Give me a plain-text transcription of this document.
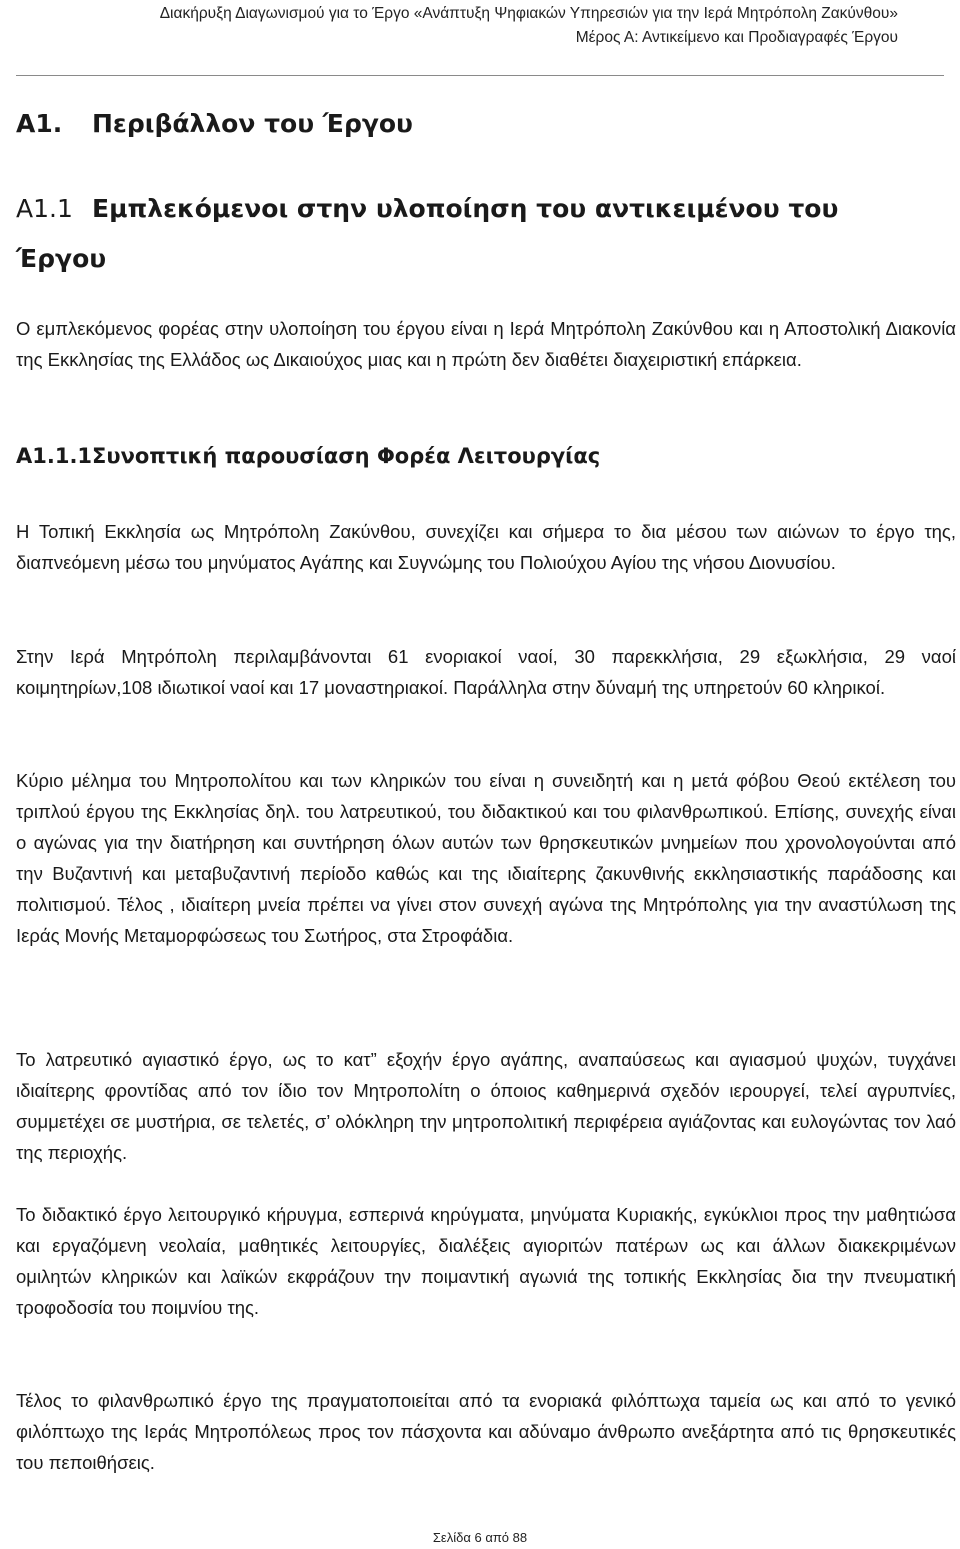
Διακήρυξη Διαγωνισμού για το Έργο «Ανάπτυξη Ψηφιακών Υπηρεσιών για την Ιερά Μητρόπολη Ζακύνθου»
Μέρος Α: Αντικείμενο και Προδιαγραφές Έργου
Α1. Περιβάλλον του Έργου
Α1.1 Εμπλεκόμενοι στην υλοποίηση του αντικειμένου του Έργου

Ο εμπλεκόμενος φορέας στην υλοποίηση του έργου είναι η Ιερά Μητρόπολη Ζακύνθου και η Αποστολική Διακονία της Εκκλησίας της Ελλάδος ως Δικαιούχος μιας και η πρώτη δεν διαθέτει διαχειριστική επάρκεια.

Α1.1.1Συνοπτική παρουσίαση Φορέα Λειτουργίας

Η Τοπική Εκκλησία ως Μητρόπολη Ζακύνθου, συνεχίζει και σήμερα το δια μέσου των αιώνων το έργο της, διαπνεόμενη μέσω του μηνύματος Αγάπης και Συγνώμης του Πολιούχου Αγίου της νήσου Διονυσίου.

Στην Ιερά Μητρόπολη περιλαμβάνονται 61 ενοριακοί ναοί, 30 παρεκκλήσια, 29 εξωκλήσια, 29 ναοί κοιμητηρίων,108 ιδιωτικοί ναοί και 17 μοναστηριακοί. Παράλληλα στην δύναμή της υπηρετούν 60 κληρικοί.

Κύριο μέλημα του Μητροπολίτου και των κληρικών του είναι η συνειδητή και η μετά φόβου Θεού εκτέλεση του τριπλού έργου της Εκκλησίας δηλ. του λατρευτικού, του διδακτικού και του φιλανθρωπικού. Επίσης, συνεχής είναι ο αγώνας για την διατήρηση και συντήρηση όλων αυτών των θρησκευτικών μνημείων που χρονολογούνται από την Βυζαντινή και μεταβυζαντινή περίοδο καθώς και της ιδιαίτερης ζακυνθινής εκκλησιαστικής παράδοσης και πολιτισμού. Τέλος , ιδιαίτερη μνεία πρέπει να γίνει στον συνεχή αγώνα της Μητρόπολης για την αναστύλωση της Ιεράς Μονής Μεταμορφώσεως του Σωτήρος, στα Στροφάδια.

Το λατρευτικό αγιαστικό έργο, ως το κατ” εξοχήν έργο αγάπης, αναπαύσεως και αγιασμού ψυχών, τυγχάνει ιδιαίτερης φροντίδας από τον ίδιο τον Μητροπολίτη ο όποιος καθημερινά σχεδόν ιερουργεί, τελεί αγρυπνίες, συμμετέχει σε μυστήρια, σε τελετές, σ’ ολόκληρη την μητροπολιτική περιφέρεια αγιάζοντας και ευλογώντας τον λαό της περιοχής.

Το διδακτικό έργο λειτουργικό κήρυγμα, εσπερινά κηρύγματα, μηνύματα Κυριακής, εγκύκλιοι προς την μαθητιώσα και εργαζόμενη νεολαία, μαθητικές λειτουργίες, διαλέξεις αγιοριτών πατέρων ως και άλλων διακεκριμένων ομιλητών κληρικών και λαϊκών εκφράζουν την ποιμαντική αγωνιά της τοπικής Εκκλησίας δια την πνευματική τροφοδοσία του ποιμνίου της.

Τέλος το φιλανθρωπικό έργο της πραγματοποιείται από τα ενοριακά φιλόπτωχα ταμεία ως και από το γενικό φιλόπτωχο της Ιεράς Μητροπόλεως προς τον πάσχοντα και αδύναμο άνθρωπο ανεξάρτητα από τις θρησκευτικές του πεποιθήσεις.

Σελίδα 6 από 88
